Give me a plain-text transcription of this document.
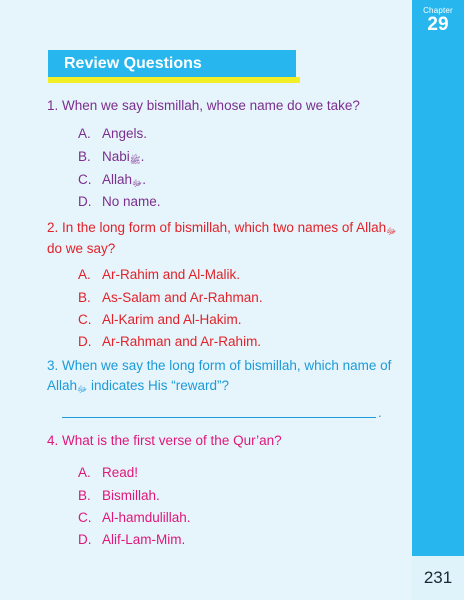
Chapter
29
231
Review Questions
1. When we say bismillah, whose name do we take?
A. Angels.
B. Nabiﷺ.
C. Allahﷻ.
D. No name.
2. In the long form of bismillah, which two names of Allahﷻ
do we say?
A. Ar-Rahim and Al-Malik.
B. As-Salam and Ar-Rahman.
C. Al-Karim and Al-Hakim.
D. Ar-Rahman and Ar-Rahim.
3. When we say the long form of bismillah, which name of
Allahﷻ indicates His “reward”?
.
4. What is the first verse of the Qur’an?
A. Read!
B. Bismillah.
C. Al-hamdulillah.
D. Alif-Lam-Mim.
